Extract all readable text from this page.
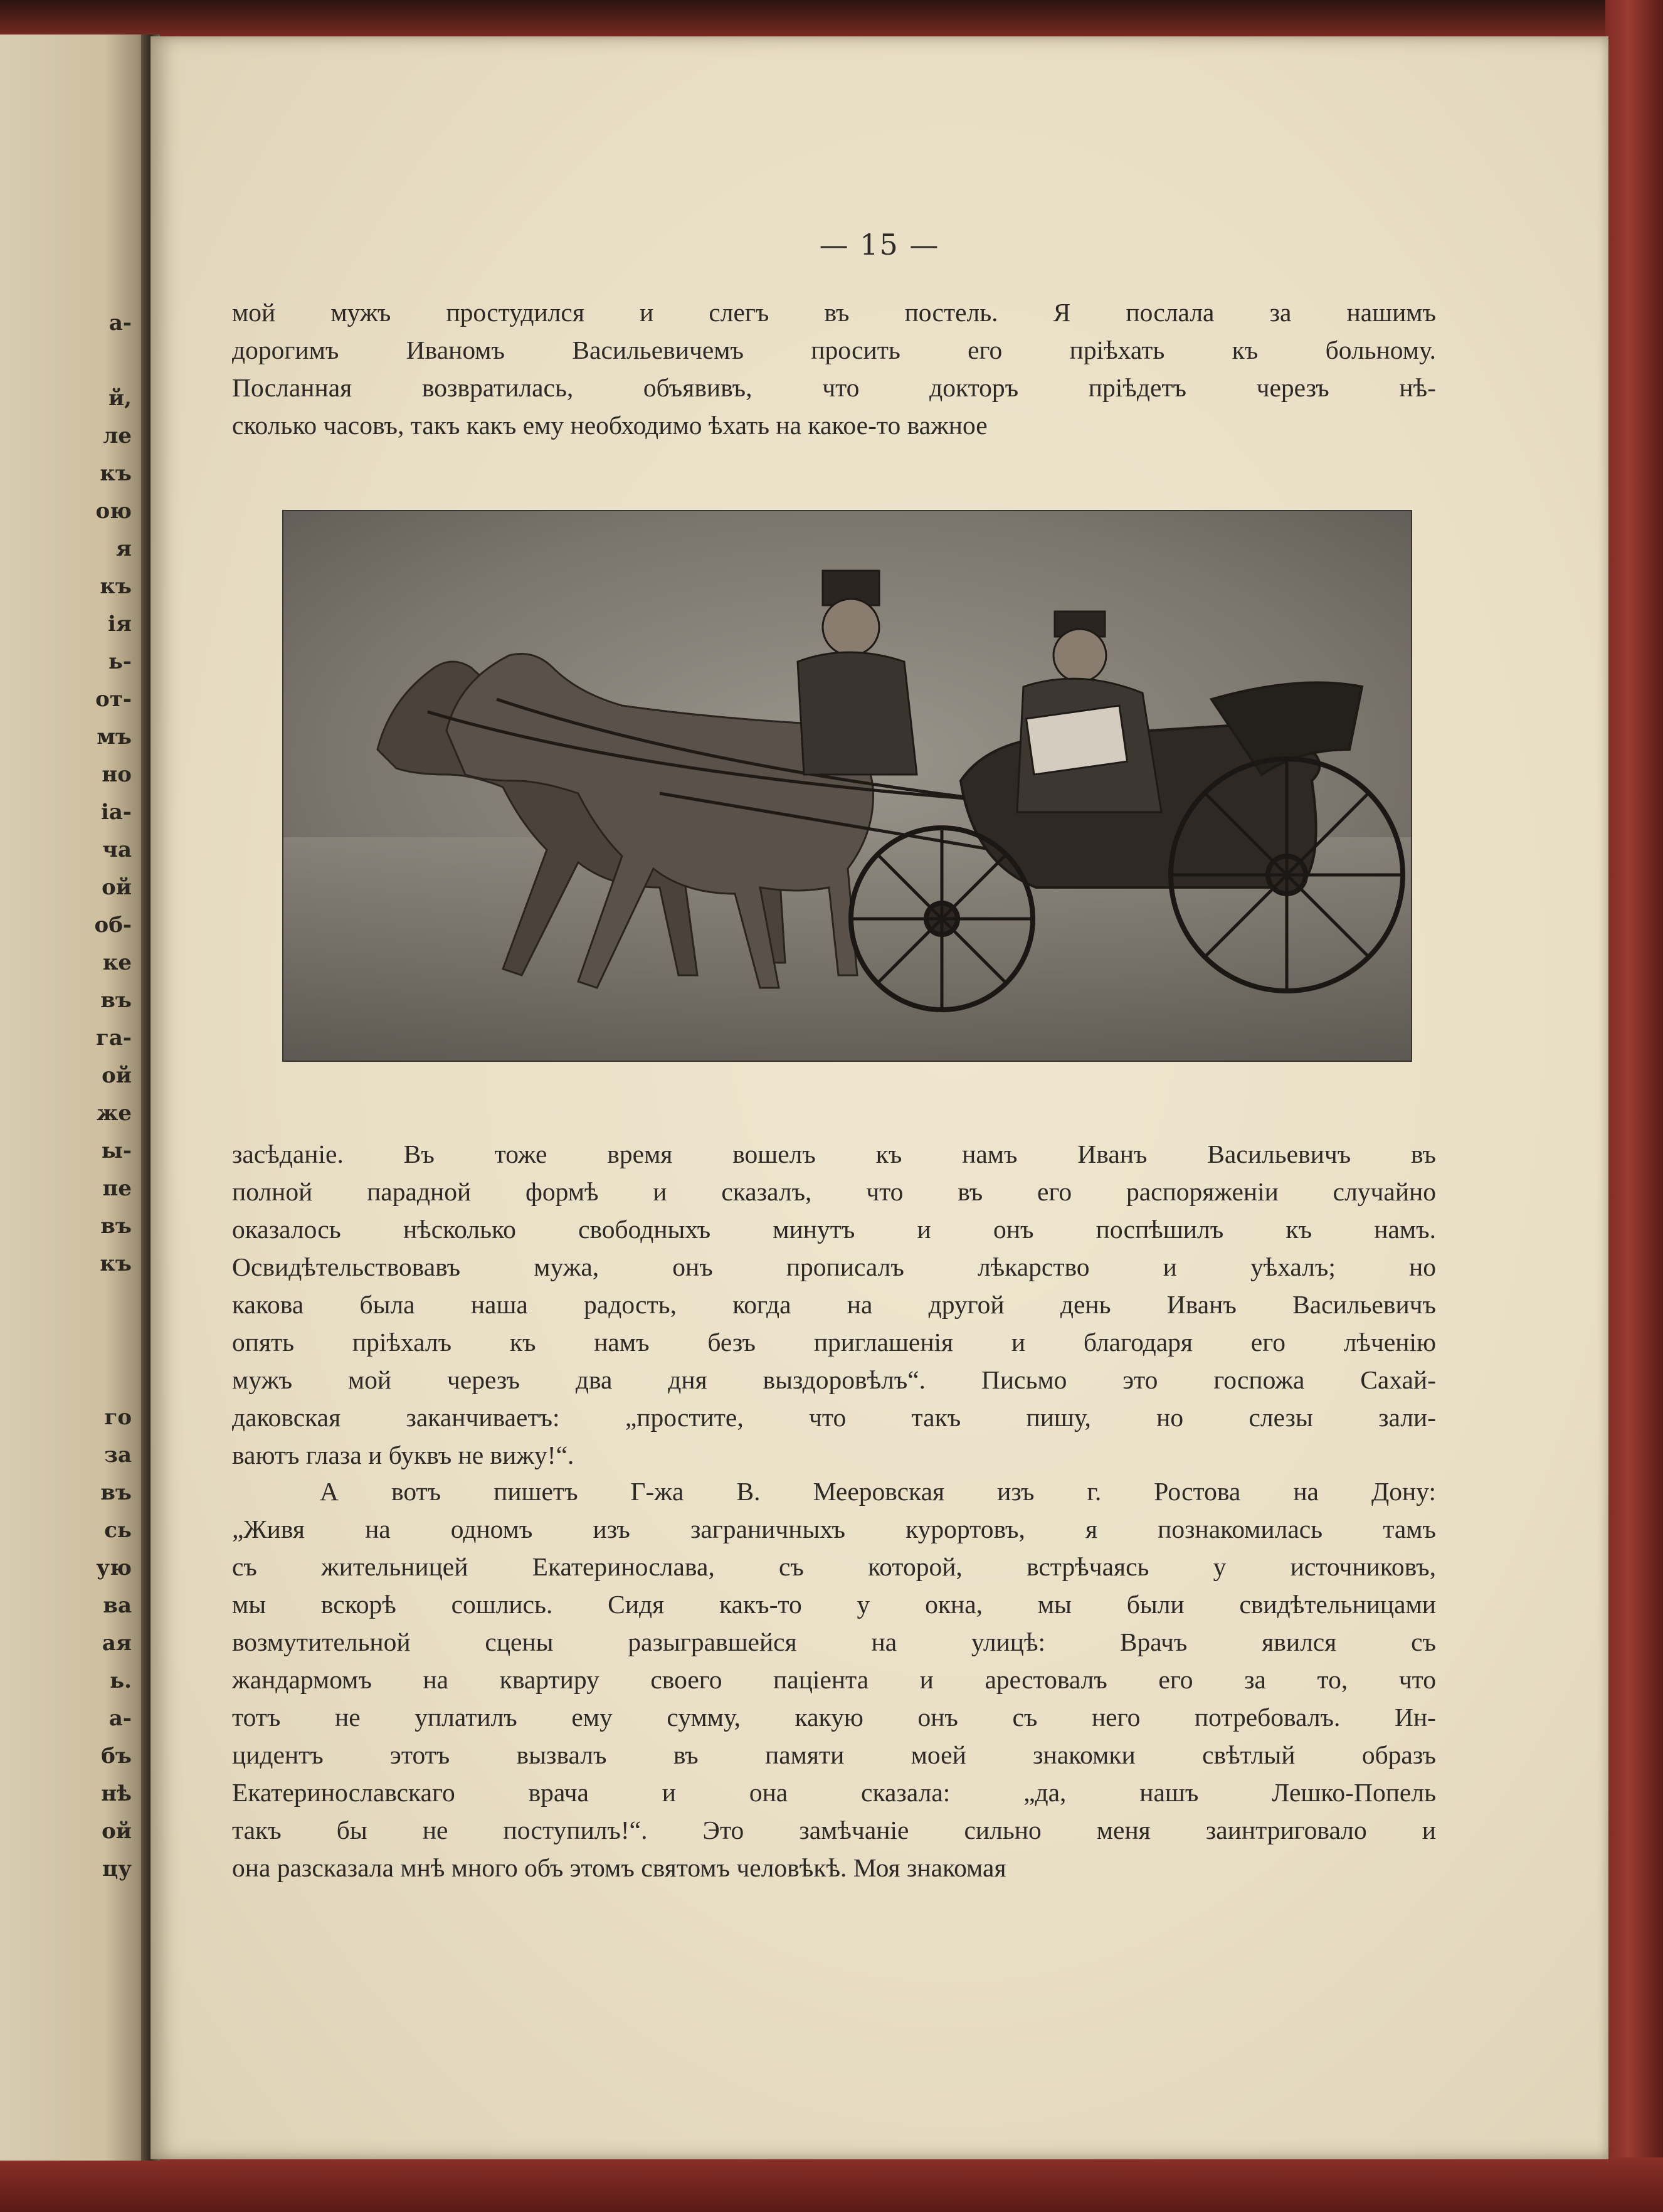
а-
й,
ле
къ
ою
я
къ
ія
ь-
от-
мъ
но
іа-
ча
ой
об-
ке
въ
га-
ой
же
ы-
пе
въ
къ
го
за
въ
сь
ую
ва
ая
ь.
а-
бъ
нѣ
ой
цу
— 15 —
мой мужъ простудился и слегъ въ постель. Я послала за нашимъ
дорогимъ Иваномъ Васильевичемъ просить его пріѣхать къ больному.
Посланная возвратилась, объявивъ, что докторъ пріѣдетъ черезъ нѣ-
сколько часовъ, такъ какъ ему необходимо ѣхать на какое-то важное
засѣданіе. Въ тоже время вошелъ къ намъ Иванъ Васильевичъ въ
полной парадной формѣ и сказалъ, что въ его распоряженіи случайно
оказалось нѣсколько свободныхъ минутъ и онъ поспѣшилъ къ намъ.
Освидѣтельствовавъ мужа, онъ прописалъ лѣкарство и уѣхалъ; но
какова была наша радость, когда на другой день Иванъ Васильевичъ
опять пріѣхалъ къ намъ безъ приглашенія и благодаря его лѣченію
мужъ мой черезъ два дня выздоровѣлъ“. Письмо это госпожа Сахай-
даковская заканчиваетъ: „простите, что такъ пишу, но слезы зали-
ваютъ глаза и буквъ не вижу!“.
А вотъ пишетъ Г-жа В. Мееровская изъ г. Ростова на Дону:
„Живя на одномъ изъ заграничныхъ курортовъ, я познакомилась тамъ
съ жительницей Екатеринослава, съ которой, встрѣчаясь у источниковъ,
мы вскорѣ сошлись. Сидя какъ-то у окна, мы были свидѣтельницами
возмутительной сцены разыгравшейся на улицѣ: Врачъ явился съ
жандармомъ на квартиру своего паціента и арестовалъ его за то, что
тотъ не уплатилъ ему сумму, какую онъ съ него потребовалъ. Ин-
цидентъ этотъ вызвалъ въ памяти моей знакомки свѣтлый образъ
Екатеринославскаго врача и она сказала: „да, нашъ Лешко-Попель
такъ бы не поступилъ!“. Это замѣчаніе сильно меня заинтриговало и
она разсказала мнѣ много объ этомъ святомъ человѣкѣ. Моя знакомая
